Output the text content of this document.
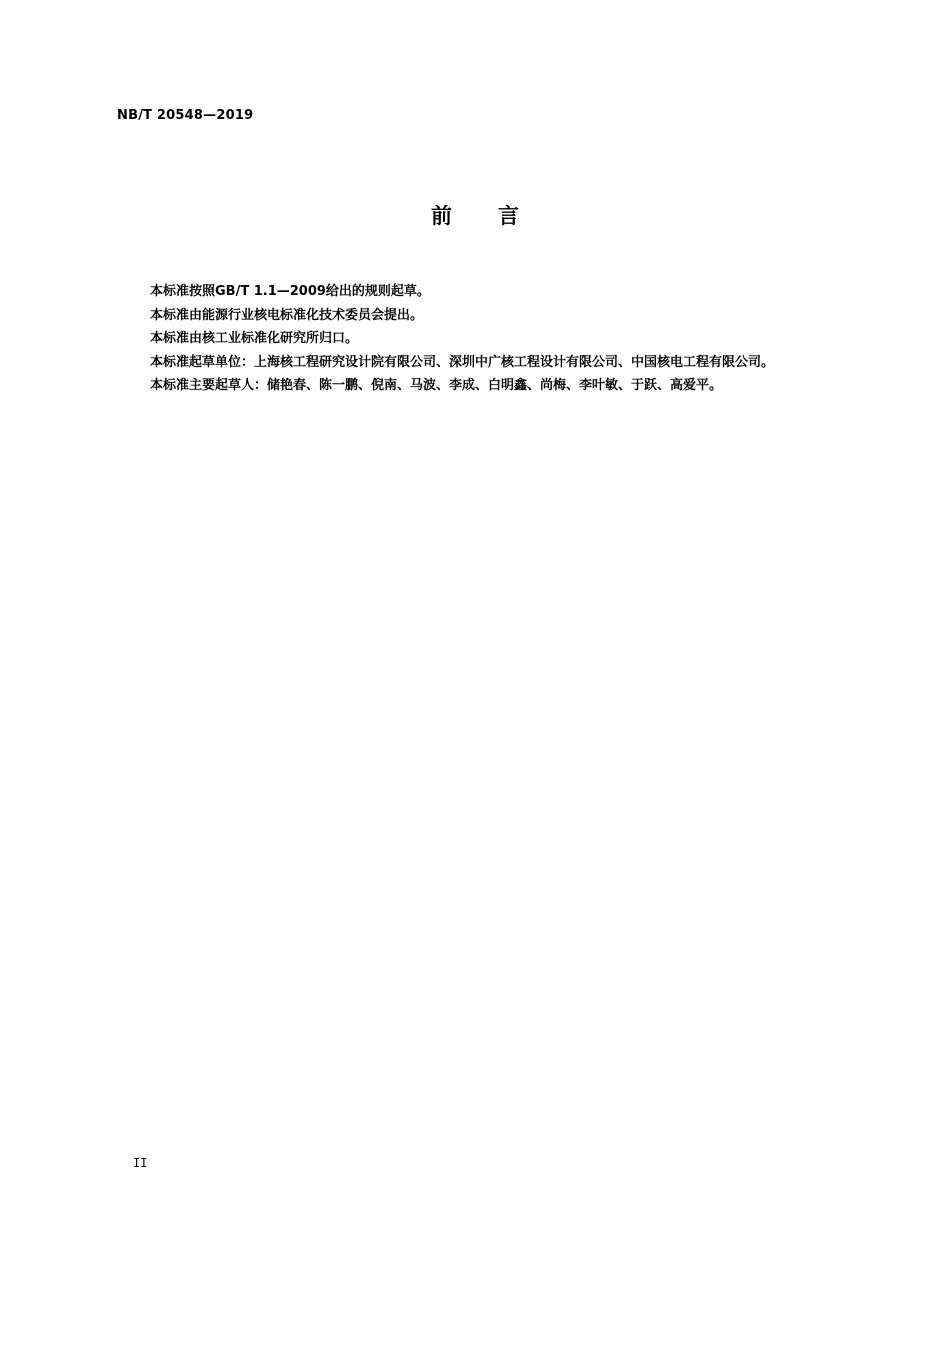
NB/T 20548—2019
前言

本标准按照GB/T 1.1—2009给出的规则起草。

本标准由能源行业核电标准化技术委员会提出。

本标准由核工业标准化研究所归口。

本标准起草单位：上海核工程研究设计院有限公司、深圳中广核工程设计有限公司、中国核电工程有限公司。

本标准主要起草人：储艳春、陈一鹏、倪南、马波、李成、白明鑫、尚梅、李叶敏、于跃、高爱平。

II
